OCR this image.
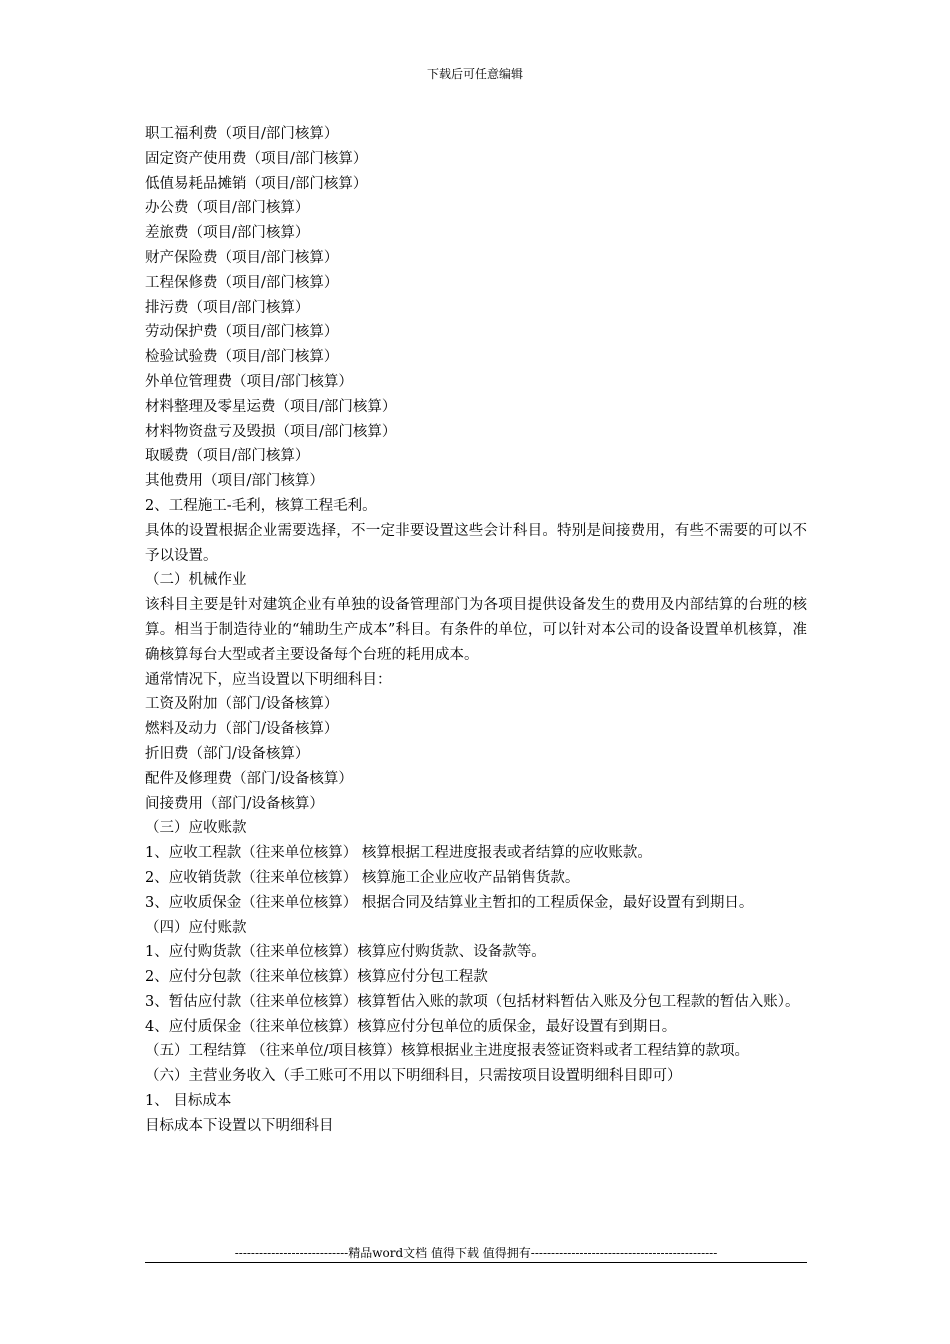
下载后可任意编辑
职工福利费（项目/部门核算）
固定资产使用费（项目/部门核算）
低值易耗品摊销（项目/部门核算）
办公费（项目/部门核算）
差旅费（项目/部门核算）
财产保险费（项目/部门核算）
工程保修费（项目/部门核算）
排污费（项目/部门核算）
劳动保护费（项目/部门核算）
检验试验费（项目/部门核算）
外单位管理费（项目/部门核算）
材料整理及零星运费（项目/部门核算）
材料物资盘亏及毁损（项目/部门核算）
取暖费（项目/部门核算）
其他费用（项目/部门核算）
2、工程施工-毛利，核算工程毛利。
具体的设置根据企业需要选择，不一定非要设置这些会计科目。特别是间接费用，有些不需要的可以不予以设置。
（二）机械作业
该科目主要是针对建筑企业有单独的设备管理部门为各项目提供设备发生的费用及内部结算的台班的核算。相当于制造待业的“辅助生产成本”科目。有条件的单位，可以针对本公司的设备设置单机核算，准确核算每台大型或者主要设备每个台班的耗用成本。
通常情况下，应当设置以下明细科目：
工资及附加（部门/设备核算）
燃料及动力（部门/设备核算）
折旧费（部门/设备核算）
配件及修理费（部门/设备核算）
间接费用（部门/设备核算）
（三）应收账款
1、应收工程款（往来单位核算） 核算根据工程进度报表或者结算的应收账款。
2、应收销货款（往来单位核算） 核算施工企业应收产品销售货款。
3、应收质保金（往来单位核算） 根据合同及结算业主暂扣的工程质保金，最好设置有到期日。
（四）应付账款
1、应付购货款（往来单位核算）核算应付购货款、设备款等。
2、应付分包款（往来单位核算）核算应付分包工程款
3、暂估应付款（往来单位核算）核算暂估入账的款项（包括材料暂估入账及分包工程款的暂估入账）。
4、应付质保金（往来单位核算）核算应付分包单位的质保金，最好设置有到期日。
（五）工程结算 （往来单位/项目核算）核算根据业主进度报表签证资料或者工程结算的款项。
（六）主营业务收入（手工账可不用以下明细科目，只需按项目设置明细科目即可）
1、 目标成本
目标成本下设置以下明细科目
----------------------------精品word文档 值得下载 值得拥有----------------------------------------------
